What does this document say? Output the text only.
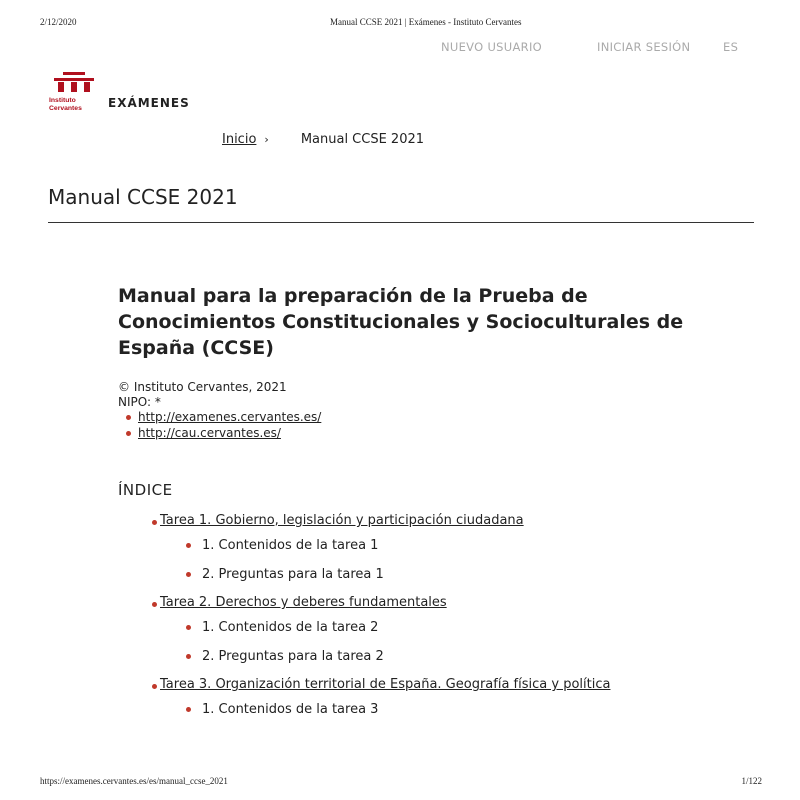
2/12/2020	Manual CCSE 2021 | Exámenes - Instituto Cervantes
NUEVO USUARIO	INICIAR SESIÓN	ES
Instituto
Cervantes EXÁMENES
Inicio › Manual CCSE 2021
Manual CCSE 2021
Manual para la preparación de la Prueba de Conocimientos Constitucionales y Socioculturales de España (CCSE)
© Instituto Cervantes, 2021
NIPO: *
http://examenes.cervantes.es/
http://cau.cervantes.es/
ÍNDICE
Tarea 1. Gobierno, legislación y participación ciudadana
1. Contenidos de la tarea 1
2. Preguntas para la tarea 1
Tarea 2. Derechos y deberes fundamentales
1. Contenidos de la tarea 2
2. Preguntas para la tarea 2
Tarea 3. Organización territorial de España. Geografía física y política
1. Contenidos de la tarea 3
https://examenes.cervantes.es/es/manual_ccse_2021	1/122
